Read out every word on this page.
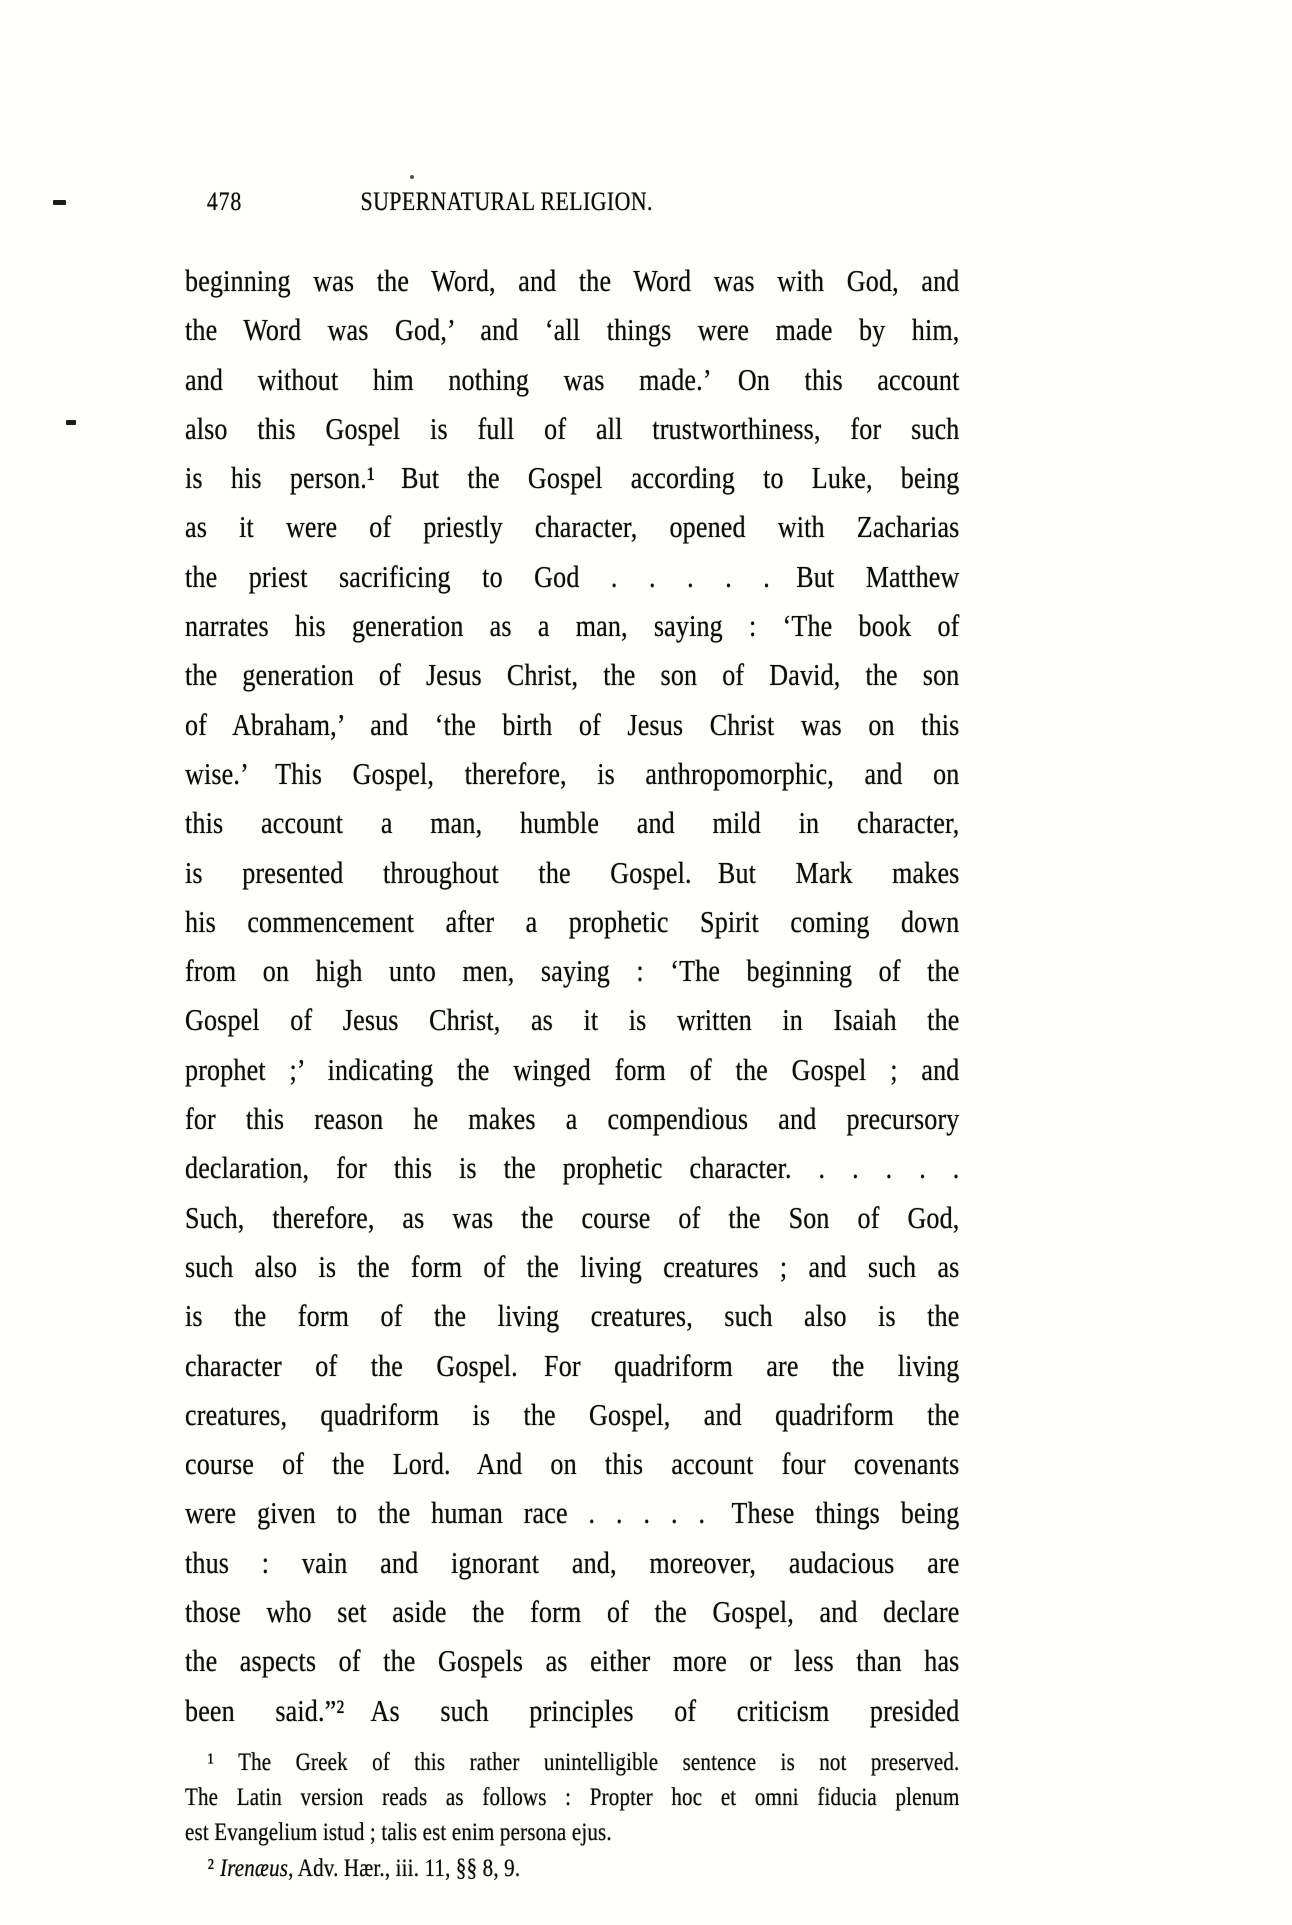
478	SUPERNATURAL RELIGION.
beginning was the Word, and the Word was with God, and
the Word was God,’ and ‘all things were made by him,
and without him nothing was made.’ On this account
also this Gospel is full of all trustworthiness, for such
is his person.¹ But the Gospel according to Luke, being
as it were of priestly character, opened with Zacharias
the priest sacrificing to God . . . . . But Matthew
narrates his generation as a man, saying : ‘The book of
the generation of Jesus Christ, the son of David, the son
of Abraham,’ and ‘the birth of Jesus Christ was on this
wise.’ This Gospel, therefore, is anthropomorphic, and on
this account a man, humble and mild in character,
is presented throughout the Gospel. But Mark makes
his commencement after a prophetic Spirit coming down
from on high unto men, saying : ‘The beginning of the
Gospel of Jesus Christ, as it is written in Isaiah the
prophet ;’ indicating the winged form of the Gospel ; and
for this reason he makes a compendious and precursory
declaration, for this is the prophetic character. . . . . .
Such, therefore, as was the course of the Son of God,
such also is the form of the living creatures ; and such as
is the form of the living creatures, such also is the
character of the Gospel. For quadriform are the living
creatures, quadriform is the Gospel, and quadriform the
course of the Lord. And on this account four covenants
were given to the human race . . . . . These things being
thus : vain and ignorant and, moreover, audacious are
those who set aside the form of the Gospel, and declare
the aspects of the Gospels as either more or less than has
been said.”² As such principles of criticism presided
¹ The Greek of this rather unintelligible sentence is not preserved.
The Latin version reads as follows : Propter hoc et omni fiducia plenum
est Evangelium istud ; talis est enim persona ejus.
² Irenæus, Adv. Hær., iii. 11, §§ 8, 9.
